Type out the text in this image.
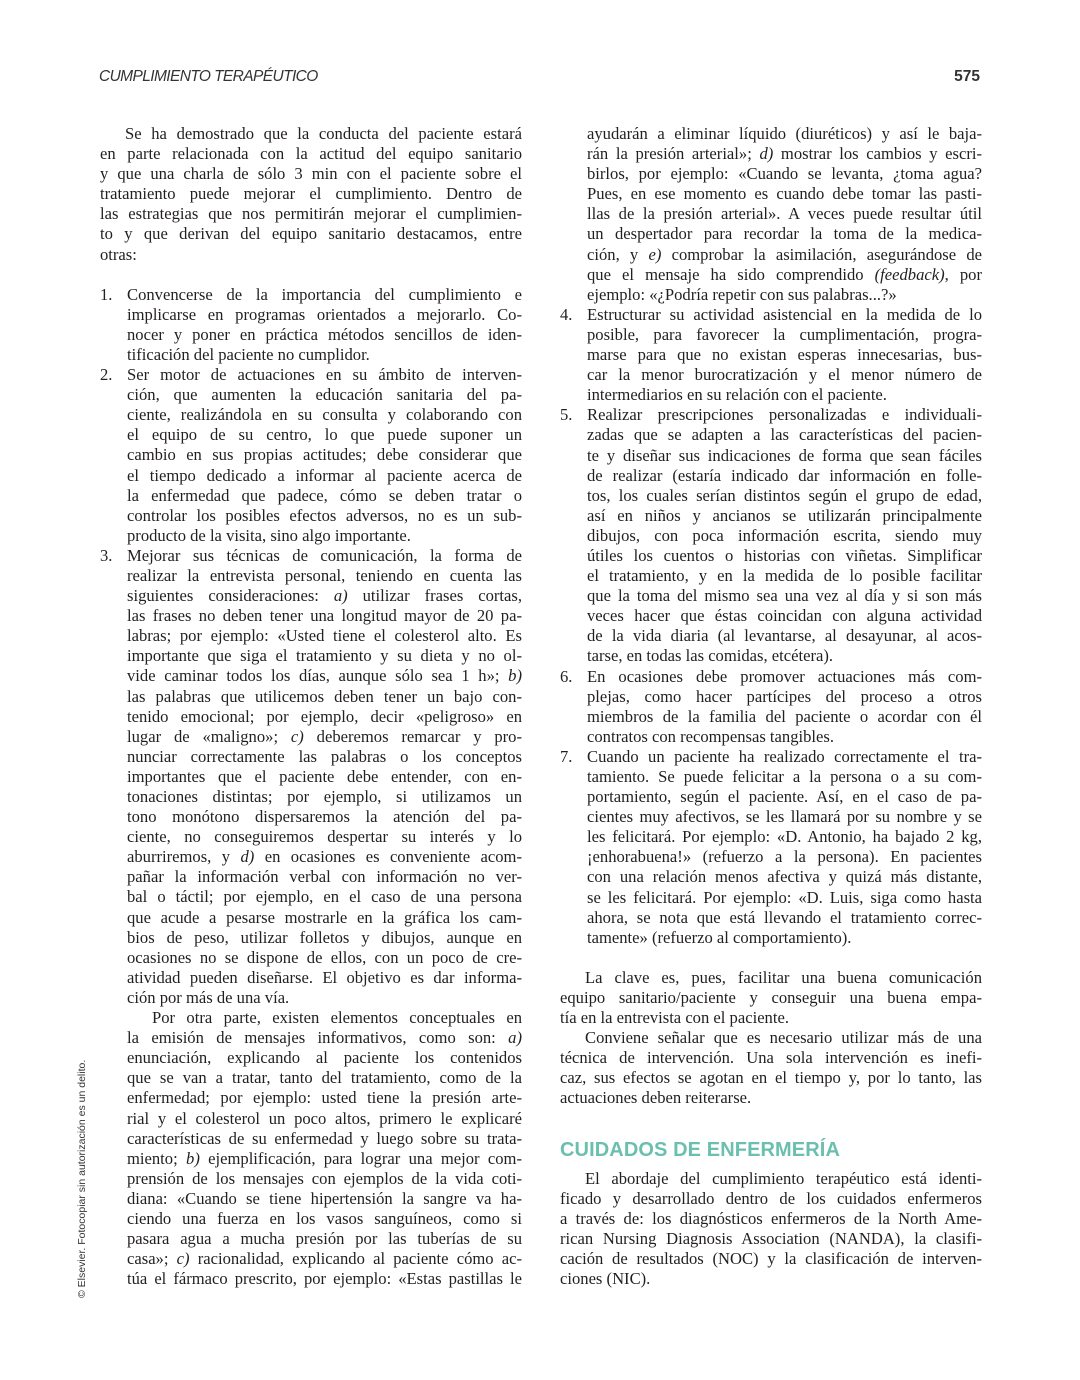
CUMPLIMIENTO TERAPÉUTICO	575
© Elsevier. Fotocopiar sin autorización es un delito.
Se ha demostrado que la conducta del paciente estará
en parte relacionada con la actitud del equipo sanitario
y que una charla de sólo 3 min con el paciente sobre el
tratamiento puede mejorar el cumplimiento. Dentro de
las estrategias que nos permitirán mejorar el cumplimien-
to y que derivan del equipo sanitario destacamos, entre
otras:
1. Convencerse de la importancia del cumplimiento e
implicarse en programas orientados a mejorarlo. Co-
nocer y poner en práctica métodos sencillos de iden-
tificación del paciente no cumplidor.
2. Ser motor de actuaciones en su ámbito de interven-
ción, que aumenten la educación sanitaria del pa-
ciente, realizándola en su consulta y colaborando con
el equipo de su centro, lo que puede suponer un
cambio en sus propias actitudes; debe considerar que
el tiempo dedicado a informar al paciente acerca de
la enfermedad que padece, cómo se deben tratar o
controlar los posibles efectos adversos, no es un sub-
producto de la visita, sino algo importante.
3. Mejorar sus técnicas de comunicación, la forma de
realizar la entrevista personal, teniendo en cuenta las
siguientes consideraciones: a) utilizar frases cortas,
las frases no deben tener una longitud mayor de 20 pa-
labras; por ejemplo: «Usted tiene el colesterol alto. Es
importante que siga el tratamiento y su dieta y no ol-
vide caminar todos los días, aunque sólo sea 1 h»; b)
las palabras que utilicemos deben tener un bajo con-
tenido emocional; por ejemplo, decir «peligroso» en
lugar de «maligno»; c) deberemos remarcar y pro-
nunciar correctamente las palabras o los conceptos
importantes que el paciente debe entender, con en-
tonaciones distintas; por ejemplo, si utilizamos un
tono monótono dispersaremos la atención del pa-
ciente, no conseguiremos despertar su interés y lo
aburriremos, y d) en ocasiones es conveniente acom-
pañar la información verbal con información no ver-
bal o táctil; por ejemplo, en el caso de una persona
que acude a pesarse mostrarle en la gráfica los cam-
bios de peso, utilizar folletos y dibujos, aunque en
ocasiones no se dispone de ellos, con un poco de cre-
atividad pueden diseñarse. El objetivo es dar informa-
ción por más de una vía.
Por otra parte, existen elementos conceptuales en
la emisión de mensajes informativos, como son: a)
enunciación, explicando al paciente los contenidos
que se van a tratar, tanto del tratamiento, como de la
enfermedad; por ejemplo: usted tiene la presión arte-
rial y el colesterol un poco altos, primero le explicaré
características de su enfermedad y luego sobre su trata-
miento; b) ejemplificación, para lograr una mejor com-
prensión de los mensajes con ejemplos de la vida coti-
diana: «Cuando se tiene hipertensión la sangre va ha-
ciendo una fuerza en los vasos sanguíneos, como si
pasara agua a mucha presión por las tuberías de su
casa»; c) racionalidad, explicando al paciente cómo ac-
túa el fármaco prescrito, por ejemplo: «Estas pastillas le
ayudarán a eliminar líquido (diuréticos) y así le baja-
rán la presión arterial»; d) mostrar los cambios y escri-
birlos, por ejemplo: «Cuando se levanta, ¿toma agua?
Pues, en ese momento es cuando debe tomar las pasti-
llas de la presión arterial». A veces puede resultar útil
un despertador para recordar la toma de la medica-
ción, y e) comprobar la asimilación, asegurándose de
que el mensaje ha sido comprendido (feedback), por
ejemplo: «¿Podría repetir con sus palabras...?»
4. Estructurar su actividad asistencial en la medida de lo
posible, para favorecer la cumplimentación, progra-
marse para que no existan esperas innecesarias, bus-
car la menor burocratización y el menor número de
intermediarios en su relación con el paciente.
5. Realizar prescripciones personalizadas e individuali-
zadas que se adapten a las características del pacien-
te y diseñar sus indicaciones de forma que sean fáciles
de realizar (estaría indicado dar información en folle-
tos, los cuales serían distintos según el grupo de edad,
así en niños y ancianos se utilizarán principalmente
dibujos, con poca información escrita, siendo muy
útiles los cuentos o historias con viñetas. Simplificar
el tratamiento, y en la medida de lo posible facilitar
que la toma del mismo sea una vez al día y si son más
veces hacer que éstas coincidan con alguna actividad
de la vida diaria (al levantarse, al desayunar, al acos-
tarse, en todas las comidas, etcétera).
6. En ocasiones debe promover actuaciones más com-
plejas, como hacer partícipes del proceso a otros
miembros de la familia del paciente o acordar con él
contratos con recompensas tangibles.
7. Cuando un paciente ha realizado correctamente el tra-
tamiento. Se puede felicitar a la persona o a su com-
portamiento, según el paciente. Así, en el caso de pa-
cientes muy afectivos, se les llamará por su nombre y se
les felicitará. Por ejemplo: «D. Antonio, ha bajado 2 kg,
¡enhorabuena!» (refuerzo a la persona). En pacientes
con una relación menos afectiva y quizá más distante,
se les felicitará. Por ejemplo: «D. Luis, siga como hasta
ahora, se nota que está llevando el tratamiento correc-
tamente» (refuerzo al comportamiento).
La clave es, pues, facilitar una buena comunicación
equipo sanitario/paciente y conseguir una buena empa-
tía en la entrevista con el paciente.
Conviene señalar que es necesario utilizar más de una
técnica de intervención. Una sola intervención es inefi-
caz, sus efectos se agotan en el tiempo y, por lo tanto, las
actuaciones deben reiterarse.
CUIDADOS DE ENFERMERÍA
El abordaje del cumplimiento terapéutico está identi-
ficado y desarrollado dentro de los cuidados enfermeros
a través de: los diagnósticos enfermeros de la North Ame-
rican Nursing Diagnosis Association (NANDA), la clasifi-
cación de resultados (NOC) y la clasificación de interven-
ciones (NIC).
